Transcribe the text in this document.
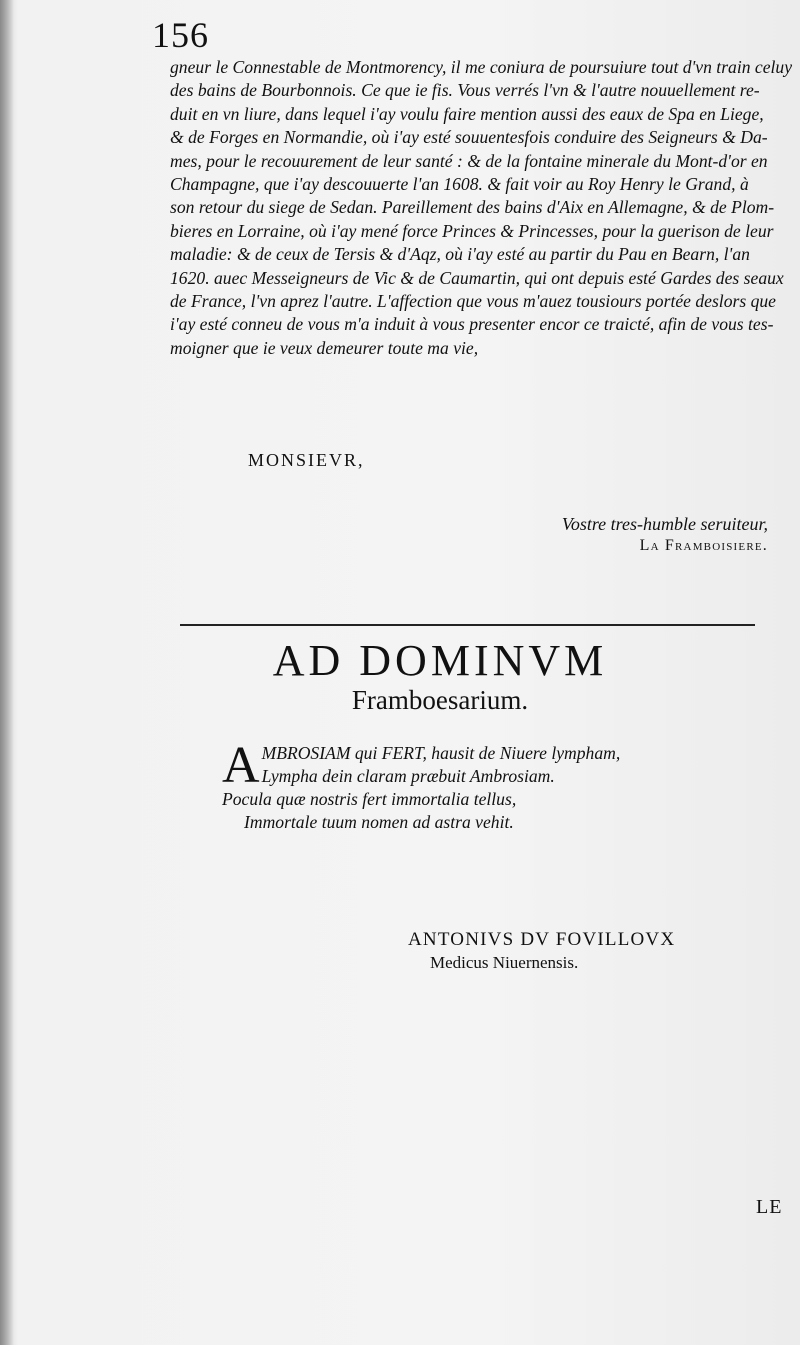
156
gneur le Connestable de Montmorency, il me coniura de poursuiure tout d'vn train celuy
des bains de Bourbonnois. Ce que ie fis. Vous verrés l'vn & l'autre nouuellement re-
duit en vn liure, dans lequel i'ay voulu faire mention aussi des eaux de Spa en Liege,
& de Forges en Normandie, où i'ay esté souuentesfois conduire des Seigneurs & Da-
mes, pour le recouurement de leur santé : & de la fontaine minerale du Mont-d'or en
Champagne, que i'ay descouuerte l'an 1608. & fait voir au Roy Henry le Grand, à
son retour du siege de Sedan. Pareillement des bains d'Aix en Allemagne, & de Plom-
bieres en Lorraine, où i'ay mené force Princes & Princesses, pour la guerison de leur
maladie: & de ceux de Tersis & d'Aqz, où i'ay esté au partir du Pau en Bearn, l'an
1620. auec Messeigneurs de Vic & de Caumartin, qui ont depuis esté Gardes des seaux
de France, l'vn aprez l'autre. L'affection que vous m'auez tousiours portée deslors que
i'ay esté conneu de vous m'a induit à vous presenter encor ce traicté, afin de vous tes-
moigner que ie veux demeurer toute ma vie,
MONSIEVR,
Vostre tres-humble seruiteur,
La Framboisiere.
AD DOMINVM
Framboesarium.
A MBROSIAM qui FERT, hausit de Niuere lympham,
Lympha dein claram præbuit Ambrosiam.
Pocula quæ nostris fert immortalia tellus,
Immortale tuum nomen ad astra vehit.
ANTONIVS DV FOVILLOVX
Medicus Niuernensis.
LE
